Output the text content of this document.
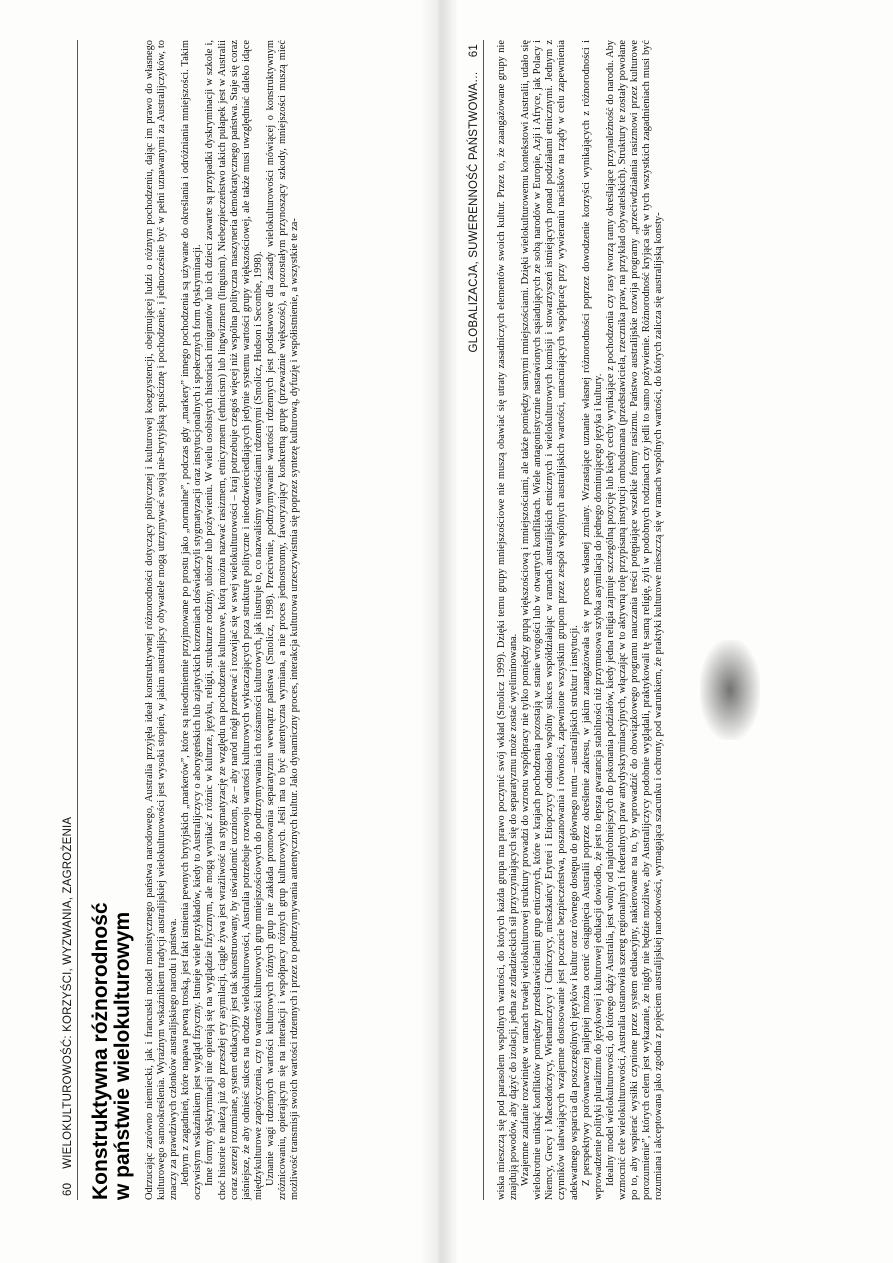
60
WIELOKULTUROWOŚĆ: KORZYŚCI, WYZWANIA, ZAGROŻENIA Konstruktywna różnorodność w państwie wielokulturowym Odrzucając zarówno niemiecki, jak i francuski model monistycznego państwa narodowego, Australia przyjęła ideał konstruktywnej różnorodności dotyczący politycznej i kulturowej koegzystencji, obejmującej ludzi o różnym pochodzeniu, dając im prawo do własnego kulturowego samookreślenia. Wyraźnym wskaźnikiem tradycji australijskiej wielokulturowości jest wysoki stopień, w jakim australijscy obywatele mogą utrzymywać swoją nie-brytyjską spuściznę i pochodzenie, i jednocześnie być w pełni uznawanymi za Australijczyków, to znaczy za prawdziwych członków australijskiego narodu i państwa. Jednym z zagadnień, które napawa pewną troską, jest fakt istnienia pewnych brytyjskich „markerów”, które są nieodmiennie przyjmowane po prostu jako „normalne”, podczas gdy „markery” innego pochodzenia są używane do określania i odróżniania mniejszości. Takim oczywistym wskaźnikiem jest wygląd fizyczny. Istnieje wiele przykładów, kiedy to Australijczycy o aborygeńskich lub azjatyckich korzeniach doświadczyli stygmatyzacji oraz instytucjonalnych i społecznych form dyskryminacji. Inne formy dyskryminacji nie opierają się na wyglądzie fizycznym, ale mogą wynikać z różnic w kulturze, języku, religii, strukturze rodziny, ubiorze lub pożywieniu. W wielu osobistych historiach imigrantów lub ich dzieci zawarte są przypadki dyskryminacji w szkole i, choć historie te należą już do przeszłej ery asymilacji, ciągle żywa jest wrażliwość na stygmatyzację ze względu na pochodzenie kulturowe, którą można nazwać rasizmem, etnicyzmem (ethnicism) lub lingwizmem (linguism). Niebezpieczeństwo takich pułapek jest w Australii coraz szerzej rozumiane, system edukacyjny jest tak skonstruowany, by uświadomić uczniom, że – aby naród mógł przetrwać i rozwijać się w swej wielokulturowości – kraj potrzebuje czegoś więcej niż wspólna polityczna maszyneria demokratycznego państwa. Staje się coraz jaśniejsze, że aby odnieść sukces na drodze wielokulturowości, Australia potrzebuje rozwoju wartości kulturowych wykraczających poza strukturę polityczne i nieodzwierciedlających jedynie systemu wartości grupy większościowej, ale także musi uwzględniać daleko idące międzykulturowe zapożyczenia, czy to wartości kulturowych grup mniejszościowych do podtrzymywania ich tożsamości kulturowych, jak ilustruje to, co nazwaliśmy wartościami rdzennymi (Smolicz, Hudson i Secombe, 1998). Uznanie wagi rdzennych wartości kulturowych różnych grup nie zakłada promowania separatyzmu wewnątrz państwa (Smolicz, 1998). Przeciwnie, podtrzymywanie wartości rdzennych jest podstawowe dla zasady wielokulturowości mówiącej o konstruktywnym zróżnicowaniu, opierającym się na interakcji i współpracy różnych grup kulturowych. Jeśli ma to być autentyczna wymiana, a nie proces jednostronny, faworyzujący konkretną grupę (przeważnie większość), a pozostałym przynoszący szkody, mniejszości muszą mieć możliwość transmisji swoich wartości rdzennych i przez to podtrzymywania autentycznych kultur. Jako dynamiczny proces, interakcja kulturowa urzeczywistnia się poprzez syntezę kulturową, dyfuzję i współistnienie, a wszystkie te za-

GLOBALIZACJA, SUWERENNOŚĆ PAŃSTWOWA…
61 wiska mieszczą się pod parasolem wspólnych wartości, do których każda grupa ma prawo poczynić swój wkład (Smolicz 1999). Dzięki temu grupy mniejszościowe nie muszą obawiać się utraty zasadniczych elementów swoich kultur. Przez to, że zaangażowane grupy nie znajdują powodów, aby dążyć do izolacji, jedna ze zdradzieckich sił przyczyniających się do separatyzmu może zostać wyeliminowana. Wzajemne zaufanie rozwinięte w ramach trwałej wielokulturowej struktury prowadzi do wzrostu współpracy nie tylko pomiędzy grupą większościową i mniejszościami, ale także pomiędzy samymi mniejszościami. Dzięki wielokulturowemu kontekstowi Australii, udało się wielokrotnie uniknąć konfliktów pomiędzy przedstawicielami grup etnicznych, które w krajach pochodzenia pozostają w stanie wrogości lub w otwartych konfliktach. Wiele antagonistycznie nastawionych sąsiadujących ze sobą narodów w Europie, Azji i Afryce, jak Polacy i Niemcy, Grecy i Macedończycy, Wietnamczycy i Chińczycy, mieszkańcy Erytrei i Etiopczycy odniosło wspólny sukces współdziałając w ramach australijskich etnicznych i wielokulturowych komisji i stowarzyszeń istniejących ponad podziałami etnicznymi. Jednym z czynników ułatwiających wzajemne dostosowanie jest poczucie bezpieczeństwa, poszanowania i równości, zapewnione wszystkim grupom przez zespół wspólnych australijskich wartości, umacniających współpracę przy wywieraniu nacisków na rządy w celu zapewnienia adekwatnego wsparcia dla poszczególnych języków i kultur oraz równego dostępu do głównego nurtu – australijskich struktur i instytucji. Z perspektywy porównawczej najlepiej można ocenić osiągnięcia Australii poprzez określenie zakresu, w jakim zaangażowała się w proces własnej zmiany. Wzrastające uznanie własnej różnorodności poprzez dowodzenie korzyści wynikających z różnorodności i wprowadzenie polityki pluralizmu do językowej i kulturowej edukacji dowiodło, że jest to lepsza gwarancja stabilności niż przymusowa szybka asymilacja do jednego dominującego języka i kultury. Idealny model wielokulturowości, do którego dąży Australia, jest wolny od najdrobniejszych do pokonania podziałów, kiedy jedna religia zajmuje szczególną pozycję lub kiedy cechy wynikające z pochodzenia czy rasy tworzą ramy określające przynależność do narodu. Aby wzmocnić cele wielokulturowości, Australia ustanowiła szereg regionalnych i federalnych praw antydyskryminacyjnych, włączając w to aktywną rolę przypisaną instytucji ombudsmana (przedstawiciela, rzecznika praw, na przykład obywatelskich). Struktury te zostały powołane po to, aby wspierać wysiłki czynione przez system edukacyjny, nakierowane na to, by wprowadzić do obowiązkowego programu nauczania treści potępiające wszelkie formy rasizmu. Państwo australijskie rozwija programy „przeciwdziałania rasizmowi przez kulturowe porozumienie”, których celem jest wykazanie, że nigdy nie będzie możliwe, aby Australijczycy podobnie wyglądali, praktykowali tę samą religię, żyli w podobnych rodzinach czy jedli to samo pożywienie. Różnorodność kryjąca się w tych wszystkich zagadnieniach musi być rozumiana i akceptowana jako zgodna z pojęciem australijskiej narodowości, wymagająca szacunku i ochrony, pod warunkiem, że praktyki kulturowe mieszczą się w ramach wspólnych wartości, do których zalicza się australijską konsty-
